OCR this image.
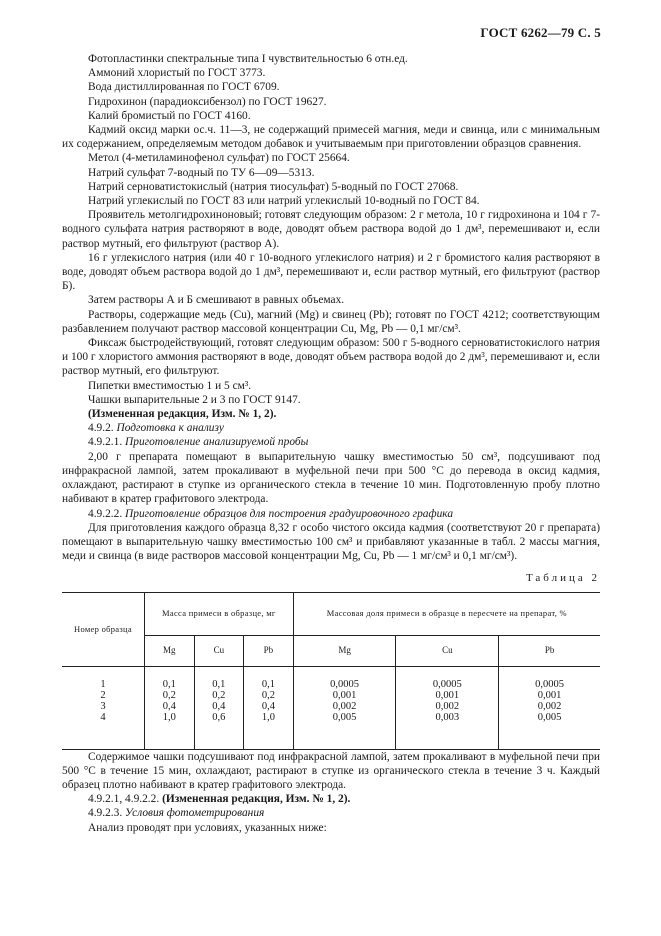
ГОСТ 6262—79 С. 5

Фотопластинки спектральные типа I чувствительностью 6 отн.ед.

Аммоний хлористый по ГОСТ 3773.

Вода дистиллированная по ГОСТ 6709.

Гидрохинон (парадиоксибензол) по ГОСТ 19627.

Калий бромистый по ГОСТ 4160.

Кадмий оксид марки ос.ч. 11—3, не содержащий примесей магния, меди и свинца, или с минимальным их содержанием, определяемым методом добавок и учитываемым при приготовлении образцов сравнения.

Метол (4-метиламинофенол сульфат) по ГОСТ 25664.

Натрий сульфат 7-водный по ТУ 6—09—5313.

Натрий серноватистокислый (натрия тиосульфат) 5-водный по ГОСТ 27068.

Натрий углекислый по ГОСТ 83 или натрий углекислый 10-водный по ГОСТ 84.

Проявитель метолгидрохиноновый; готовят следующим образом: 2 г метола, 10 г гидрохинона и 104 г 7-водного сульфата натрия растворяют в воде, доводят объем раствора водой до 1 дм³, перемешивают и, если раствор мутный, его фильтруют (раствор А).

16 г углекислого натрия (или 40 г 10-водного углекислого натрия) и 2 г бромистого калия растворяют в воде, доводят объем раствора водой до 1 дм³, перемешивают и, если раствор мутный, его фильтруют (раствор Б).

Затем растворы А и Б смешивают в равных объемах.

Растворы, содержащие медь (Cu), магний (Mg) и свинец (Pb); готовят по ГОСТ 4212; соответствующим разбавлением получают раствор массовой концентрации Cu, Mg, Pb — 0,1 мг/см³.

Фиксаж быстродействующий, готовят следующим образом: 500 г 5-водного серноватистокислого натрия и 100 г хлористого аммония растворяют в воде, доводят объем раствора водой до 2 дм³, перемешивают и, если раствор мутный, его фильтруют.

Пипетки вместимостью 1 и 5 см³.

Чашки выпарительные 2 и 3 по ГОСТ 9147.

(Измененная редакция, Изм. № 1, 2).

4.9.2. Подготовка к анализу

4.9.2.1. Приготовление анализируемой пробы

2,00 г препарата помещают в выпарительную чашку вместимостью 50 см³, подсушивают под инфракрасной лампой, затем прокаливают в муфельной печи при 500 °С до перевода в оксид кадмия, охлаждают, растирают в ступке из органического стекла в течение 10 мин. Подготовленную пробу плотно набивают в кратер графитового электрода.

4.9.2.2. Приготовление образцов для построения градуировочного графика

Для приготовления каждого образца 8,32 г особо чистого оксида кадмия (соответствуют 20 г препарата) помещают в выпарительную чашку вместимостью 100 см³ и прибавляют указанные в табл. 2 массы магния, меди и свинца (в виде растворов массовой концентрации Mg, Cu, Pb — 1 мг/см³ и 0,1 мг/см³).

Таблица 2
Номер образца	Масса примеси в образце, мг			Массовая доля примеси в образце в пересчете на препарат, %		
	Mg	Cu	Pb	Mg	Cu	Pb
1	0,1	0,1	0,1	0,0005	0,0005	0,0005
2	0,2	0,2	0,2	0,001	0,001	0,001
3	0,4	0,4	0,4	0,002	0,002	0,002
4	1,0	0,6	1,0	0,005	0,003	0,005

Содержимое чашки подсушивают под инфракрасной лампой, затем прокаливают в муфельной печи при 500 °С в течение 15 мин, охлаждают, растирают в ступке из органического стекла в течение 3 ч. Каждый образец плотно набивают в кратер графитового электрода.

4.9.2.1, 4.9.2.2. (Измененная редакция, Изм. № 1, 2).

4.9.2.3. Условия фотометрирования

Анализ проводят при условиях, указанных ниже:
